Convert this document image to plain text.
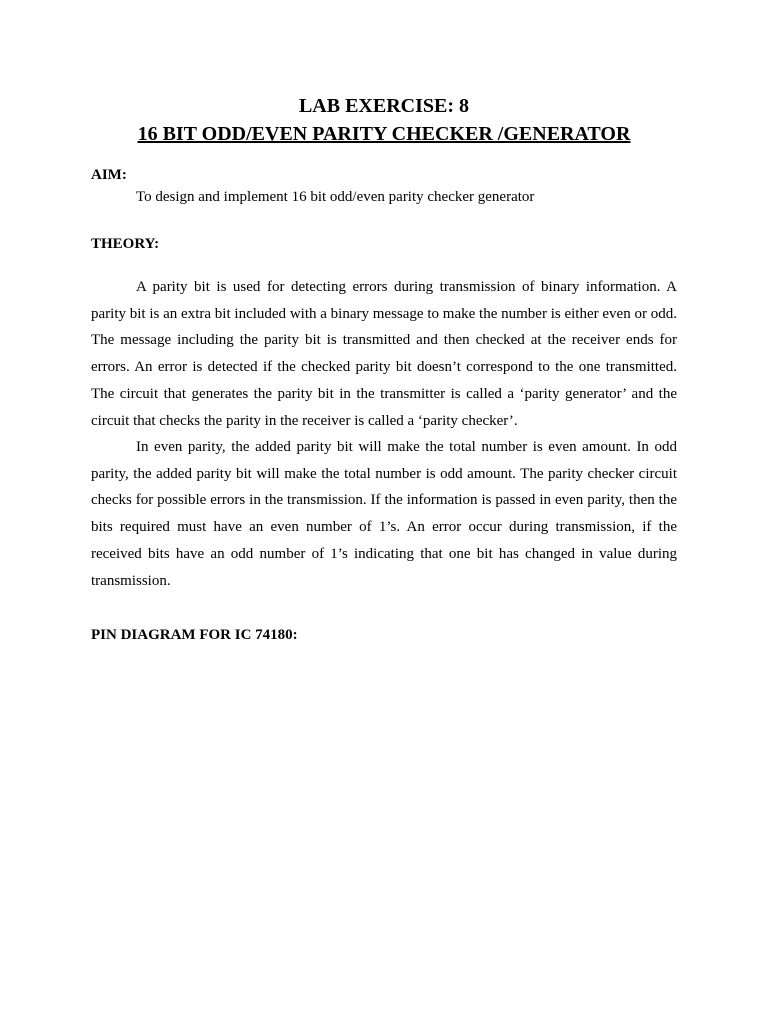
LAB EXERCISE: 8
16 BIT ODD/EVEN PARITY CHECKER /GENERATOR
AIM:

To design and implement 16 bit odd/even parity checker generator

THEORY:

A parity bit is used for detecting errors during transmission of binary information. A parity bit is an extra bit included with a binary message to make the number is either even or odd. The message including the parity bit is transmitted and then checked at the receiver ends for errors. An error is detected if the checked parity bit doesn’t correspond to the one transmitted. The circuit that generates the parity bit in the transmitter is called a ‘parity generator’ and the circuit that checks the parity in the receiver is called a ‘parity checker’.

In even parity, the added parity bit will make the total number is even amount. In odd parity, the added parity bit will make the total number is odd amount. The parity checker circuit checks for possible errors in the transmission. If the information is passed in even parity, then the bits required must have an even number of 1’s. An error occur during transmission, if the received bits have an odd number of 1’s indicating that one bit has changed in value during transmission.

PIN DIAGRAM FOR IC 74180:
